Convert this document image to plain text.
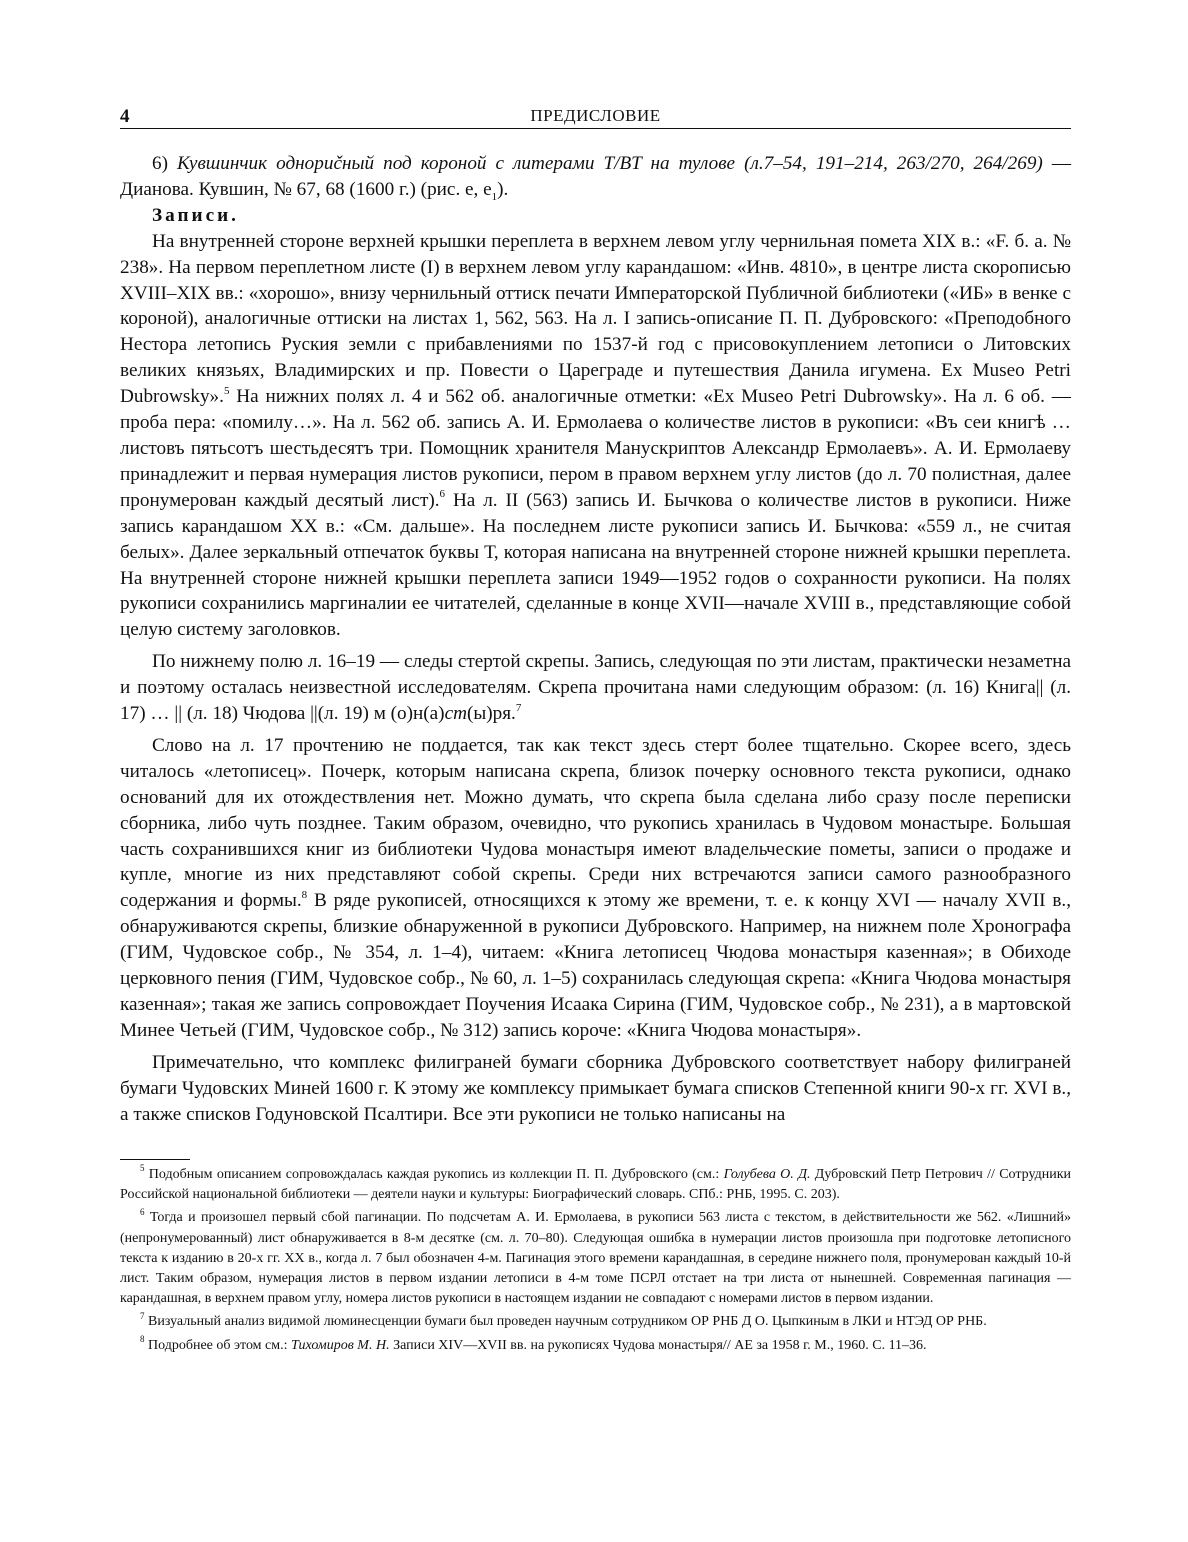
4	ПРЕДИСЛОВИЕ

6) Кувшинчик однорučный под короной с литерами T/BT на тулове (л.7–54, 191–214, 263/270, 264/269) — Дианова. Кувшин, № 67, 68 (1600 г.) (рис. e, $e_1$).

Записи.

На внутренней стороне верхней крышки переплета в верхнем левом углу чернильная помета XIX в.: «F. б. а. № 238». На первом переплетном листе (I) в верхнем левом углу карандашом: «Инв. 4810», в центре листа скорописью XVIII–XIX вв.: «хорошо», внизу чернильный оттиск печати Императорской Публичной библиотеки («ИБ» в венке с короной), аналогичные оттиски на листах 1, 562, 563. На л. I запись-описание П. П. Дубровского: «Преподобного Нестора летопись Руския земли с прибавлениями по 1537-й год с присовокуплением летописи о Литовских великих князьях, Владимирских и пр. Повести о Цареграде и путешествия Данила игумена. Ex Museo Petri Dubrowsky».$^5$ На нижних полях л. 4 и 562 об. аналогичные отметки: «Ex Museo Petri Dubrowsky». На л. 6 об. — проба пера: «помилу…». На л. 562 об. запись А. И. Ермолаева о количестве листов в рукописи: «Въ сеи книгѣ … листовъ пятьсотъ шестьдесятъ три. Помощник хранителя Манускриптов Александр Ермолаевъ». А. И. Ермолаеву принадлежит и первая нумерация листов рукописи, пером в правом верхнем углу листов (до л. 70 полистная, далее пронумерован каждый десятый лист).$^6$ На л. II (563) запись И. Бычкова о количестве листов в рукописи. Ниже запись карандашом XX в.: «См. дальше». На последнем листе рукописи запись И. Бычкова: «559 л., не считая белых». Далее зеркальный отпечаток буквы Т, которая написана на внутренней стороне нижней крышки переплета. На внутренней стороне нижней крышки переплета записи 1949—1952 годов о сохранности рукописи. На полях рукописи сохранились маргиналии ее читателей, сделанные в конце XVII—начале XVIII в., представляющие собой целую систему заголовков.

По нижнему полю л. 16–19 — следы стертой скрепы. Запись, следующая по эти листам, практически незаметна и поэтому осталась неизвестной исследователям. Скрепа прочитана нами следующим образом: (л. 16) Книга|| (л. 17) … || (л. 18) Чюдова ||(л. 19) м (о)н(а)ст(ы)ря.$^7$

Слово на л. 17 прочтению не поддается, так как текст здесь стерт более тщательно. Скорее всего, здесь читалось «летописец». Почерк, которым написана скрепа, близок почерку основного текста рукописи, однако оснований для их отождествления нет. Можно думать, что скрепа была сделана либо сразу после переписки сборника, либо чуть позднее. Таким образом, очевидно, что рукопись хранилась в Чудовом монастыре. Большая часть сохранившихся книг из библиотеки Чудова монастыря имеют владельческие пометы, записи о продаже и купле, многие из них представляют собой скрепы. Среди них встречаются записи самого разнообразного содержания и формы.$^8$ В ряде рукописей, относящихся к этому же времени, т. е. к концу XVI — началу XVII в., обнаруживаются скрепы, близкие обнаруженной в рукописи Дубровского. Например, на нижнем поле Хронографа (ГИМ, Чудовское собр., № 354, л. 1–4), читаем: «Книга летописец Чюдова монастыря казенная»; в Обиходе церковного пения (ГИМ, Чудовское собр., № 60, л. 1–5) сохранилась следующая скрепа: «Книга Чюдова монастыря казенная»; такая же запись сопровождает Поучения Исаака Сирина (ГИМ, Чудовское собр., № 231), а в мартовской Минее Четьей (ГИМ, Чудовское собр., № 312) запись короче: «Книга Чюдова монастыря».

Примечательно, что комплекс филиграней бумаги сборника Дубровского соответствует набору филиграней бумаги Чудовских Миней 1600 г. К этому же комплексу примыкает бумага списков Степенной книги 90-х гг. XVI в., а также списков Годуновской Псалтири. Все эти рукописи не только написаны на

$^5$ Подобным описанием сопровождалась каждая рукопись из коллекции П. П. Дубровского (см.: Голубева О. Д. Дубровский Петр Петрович // Сотрудники Российской национальной библиотеки — деятели науки и культуры: Биографический словарь. СПб.: РНБ, 1995. С. 203).

$^6$ Тогда и произошел первый сбой пагинации. По подсчетам А. И. Ермолаева, в рукописи 563 листа с текстом, в действительности же 562. «Лишний» (непронумерованный) лист обнаруживается в 8-м десятке (см. л. 70–80). Следующая ошибка в нумерации листов произошла при подготовке летописного текста к изданию в 20-х гг. XX в., когда л. 7 был обозначен 4-м. Пагинация этого времени карандашная, в середине нижнего поля, пронумерован каждый 10-й лист. Таким образом, нумерация листов в первом издании летописи в 4-м томе ПСРЛ отстает на три листа от нынешней. Современная пагинация — карандашная, в верхнем правом углу, номера листов рукописи в настоящем издании не совпадают с номерами листов в первом издании.

$^7$ Визуальный анализ видимой люминесценции бумаги был проведен научным сотрудником ОР РНБ Д О. Цыпкиным в ЛКИ и НТЭД ОР РНБ.

$^8$ Подробнее об этом см.: Тихомиров М. Н. Записи XIV—XVII вв. на рукописях Чудова монастыря// АЕ за 1958 г. М., 1960. С. 11–36.
